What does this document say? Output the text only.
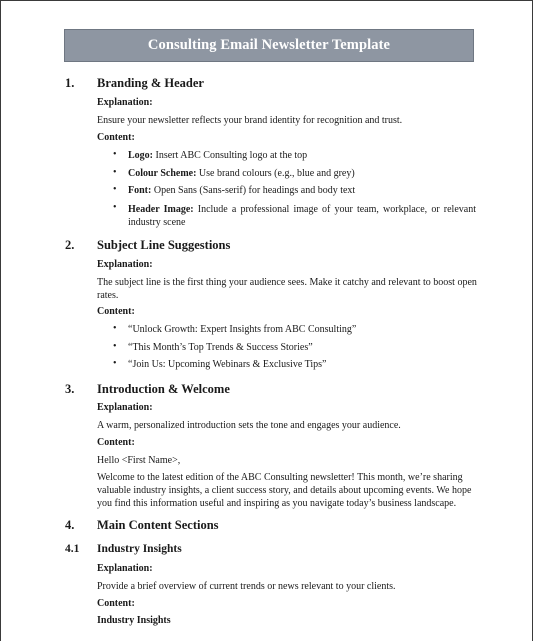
Consulting Email Newsletter Template
1. Branding & Header
Explanation:
Ensure your newsletter reflects your brand identity for recognition and trust.
Content:
• Logo: Insert ABC Consulting logo at the top
• Colour Scheme: Use brand colours (e.g., blue and grey)
• Font: Open Sans (Sans-serif) for headings and body text
• Header Image: Include a professional image of your team, workplace, or relevant industry scene
2. Subject Line Suggestions
Explanation:
The subject line is the first thing your audience sees. Make it catchy and relevant to boost open rates.
Content:
• “Unlock Growth: Expert Insights from ABC Consulting”
• “This Month’s Top Trends & Success Stories”
• “Join Us: Upcoming Webinars & Exclusive Tips”
3. Introduction & Welcome
Explanation:
A warm, personalized introduction sets the tone and engages your audience.
Content:
Hello <First Name>,
Welcome to the latest edition of the ABC Consulting newsletter! This month, we’re sharing valuable industry insights, a client success story, and details about upcoming events. We hope you find this information useful and inspiring as you navigate today’s business landscape.
4. Main Content Sections
4.1 Industry Insights
Explanation:
Provide a brief overview of current trends or news relevant to your clients.
Content:
Industry Insights
